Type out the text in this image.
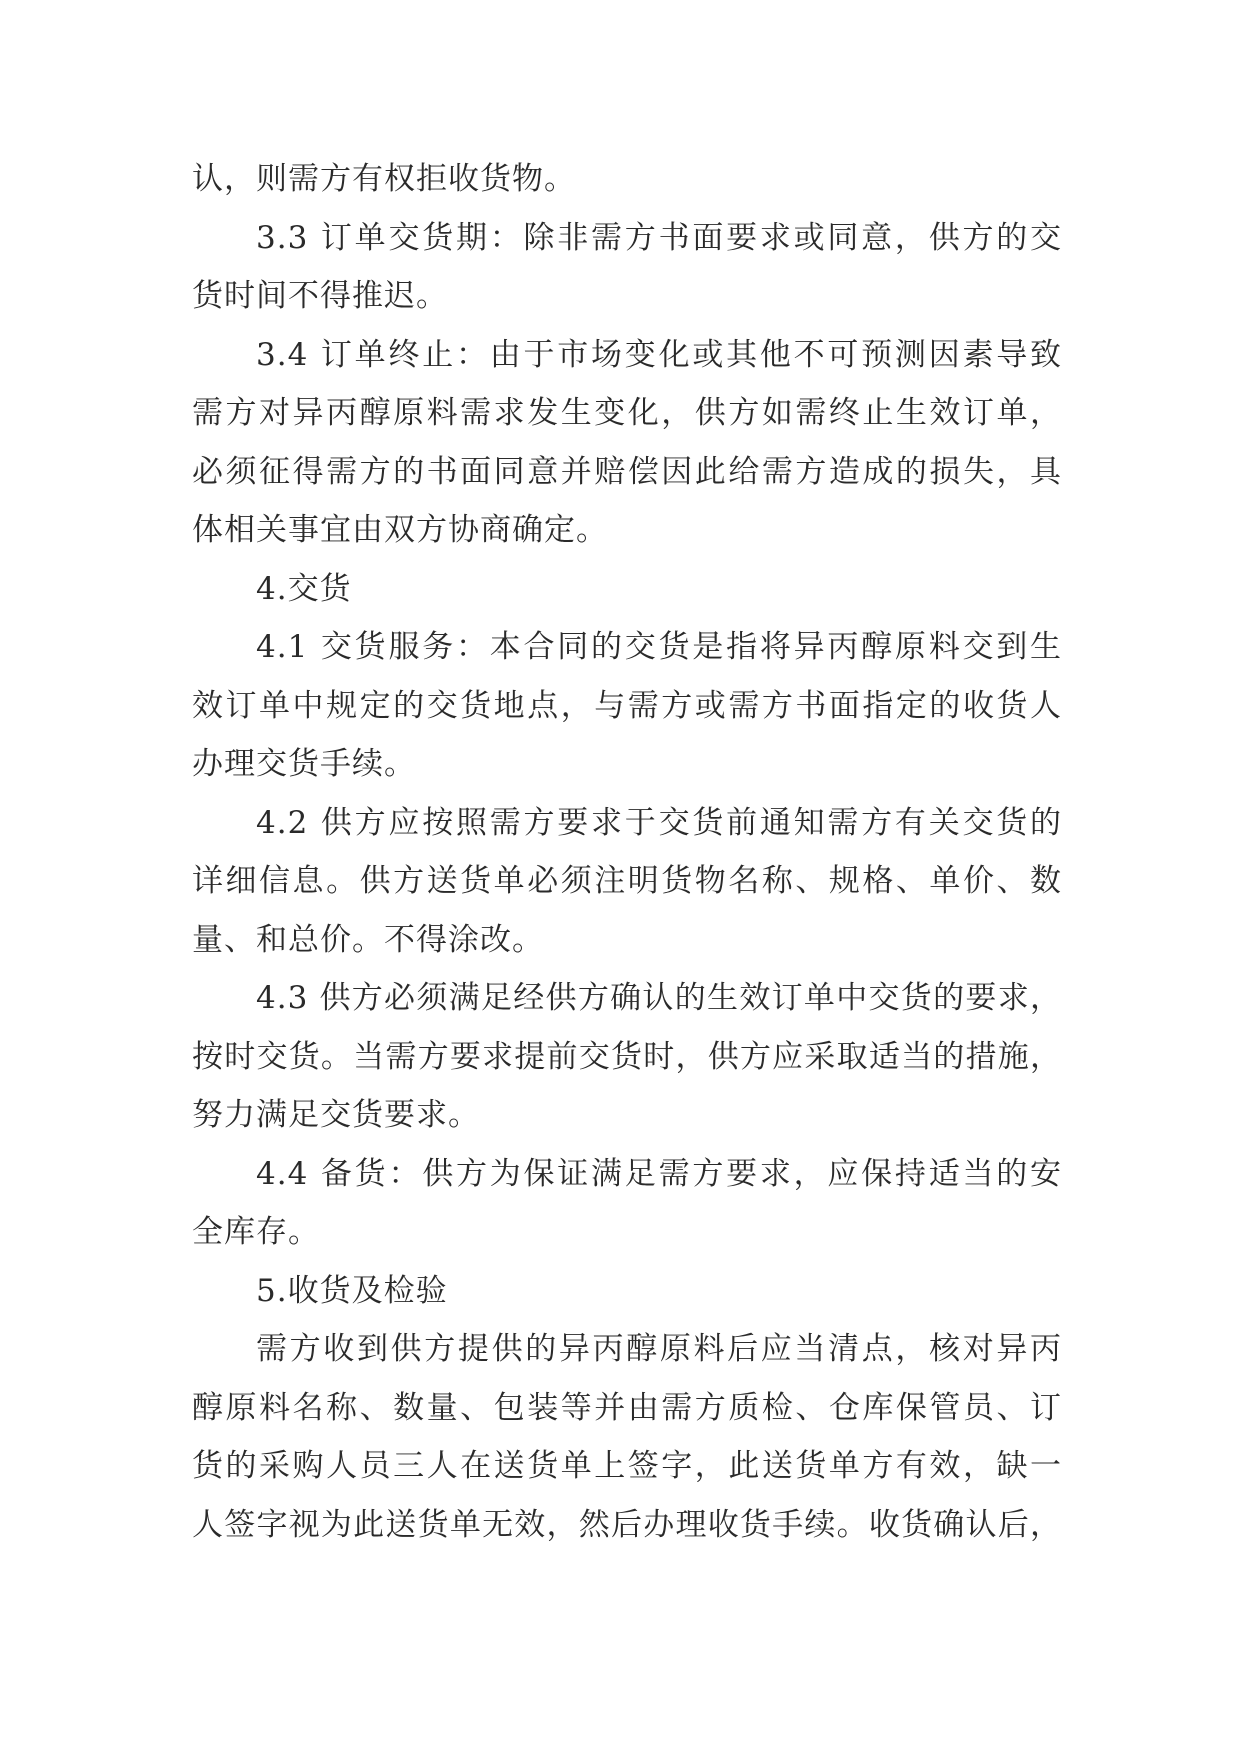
认，则需方有权拒收货物。
3.3 订单交货期：除非需方书面要求或同意，供方的交
货时间不得推迟。
3.4 订单终止：由于市场变化或其他不可预测因素导致
需方对异丙醇原料需求发生变化，供方如需终止生效订单，
必须征得需方的书面同意并赔偿因此给需方造成的损失，具
体相关事宜由双方协商确定。
4.交货
4.1 交货服务：本合同的交货是指将异丙醇原料交到生
效订单中规定的交货地点，与需方或需方书面指定的收货人
办理交货手续。
4.2 供方应按照需方要求于交货前通知需方有关交货的
详细信息。供方送货单必须注明货物名称、规格、单价、数
量、和总价。不得涂改。
4.3 供方必须满足经供方确认的生效订单中交货的要求，
按时交货。当需方要求提前交货时，供方应采取适当的措施，
努力满足交货要求。
4.4 备货：供方为保证满足需方要求，应保持适当的安
全库存。
5.收货及检验
需方收到供方提供的异丙醇原料后应当清点，核对异丙
醇原料名称、数量、包装等并由需方质检、仓库保管员、订
货的采购人员三人在送货单上签字，此送货单方有效，缺一
人签字视为此送货单无效，然后办理收货手续。收货确认后，
